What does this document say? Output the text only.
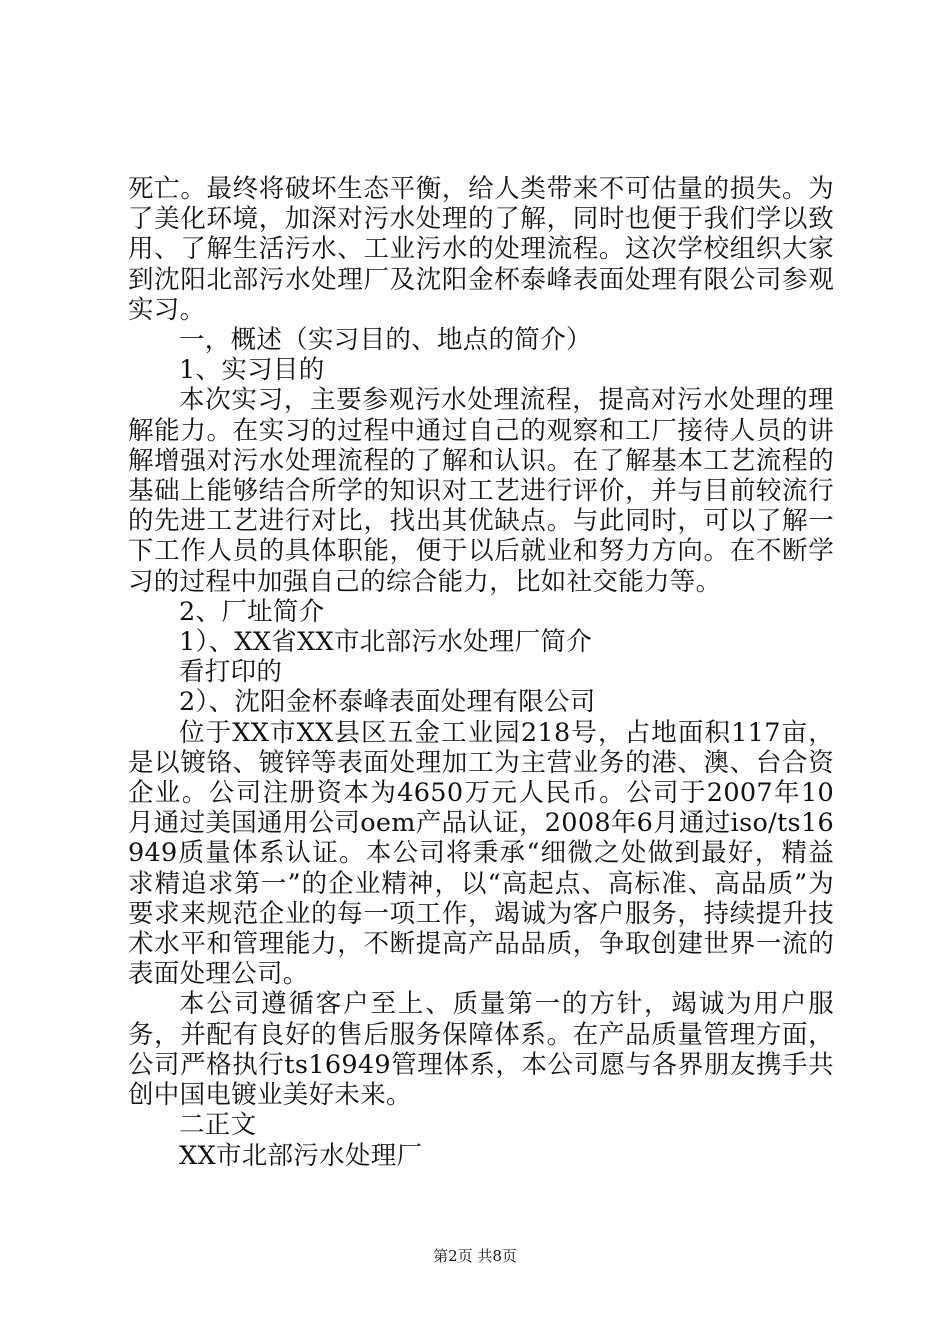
死亡。最终将破坏生态平衡，给人类带来不可估量的损失。为了美化环境，加深对污水处理的了解，同时也便于我们学以致用、了解生活污水、工业污水的处理流程。这次学校组织大家到沈阳北部污水处理厂及沈阳金杯泰峰表面处理有限公司参观实习。

一，概述（实习目的、地点的简介）

1、实习目的

本次实习，主要参观污水处理流程，提高对污水处理的理解能力。在实习的过程中通过自己的观察和工厂接待人员的讲解增强对污水处理流程的了解和认识。在了解基本工艺流程的基础上能够结合所学的知识对工艺进行评价，并与目前较流行的先进工艺进行对比，找出其优缺点。与此同时，可以了解一下工作人员的具体职能，便于以后就业和努力方向。在不断学习的过程中加强自己的综合能力，比如社交能力等。

2、厂址简介

1）、XX省XX市北部污水处理厂简介

看打印的

2）、沈阳金杯泰峰表面处理有限公司

位于XX市XX县区五金工业园218号，占地面积117亩，是以镀铬、镀锌等表面处理加工为主营业务的港、澳、台合资企业。公司注册资本为4650万元人民币。公司于2007年10月通过美国通用公司oem产品认证，2008年6月通过iso/ts16949质量体系认证。本公司将秉承“细微之处做到最好，精益求精追求第一”的企业精神，以“高起点、高标准、高品质”为要求来规范企业的每一项工作，竭诚为客户服务，持续提升技术水平和管理能力，不断提高产品品质，争取创建世界一流的表面处理公司。

本公司遵循客户至上、质量第一的方针，竭诚为用户服务，并配有良好的售后服务保障体系。在产品质量管理方面，公司严格执行ts16949管理体系，本公司愿与各界朋友携手共创中国电镀业美好未来。

二正文

XX市北部污水处理厂

第2页 共8页
